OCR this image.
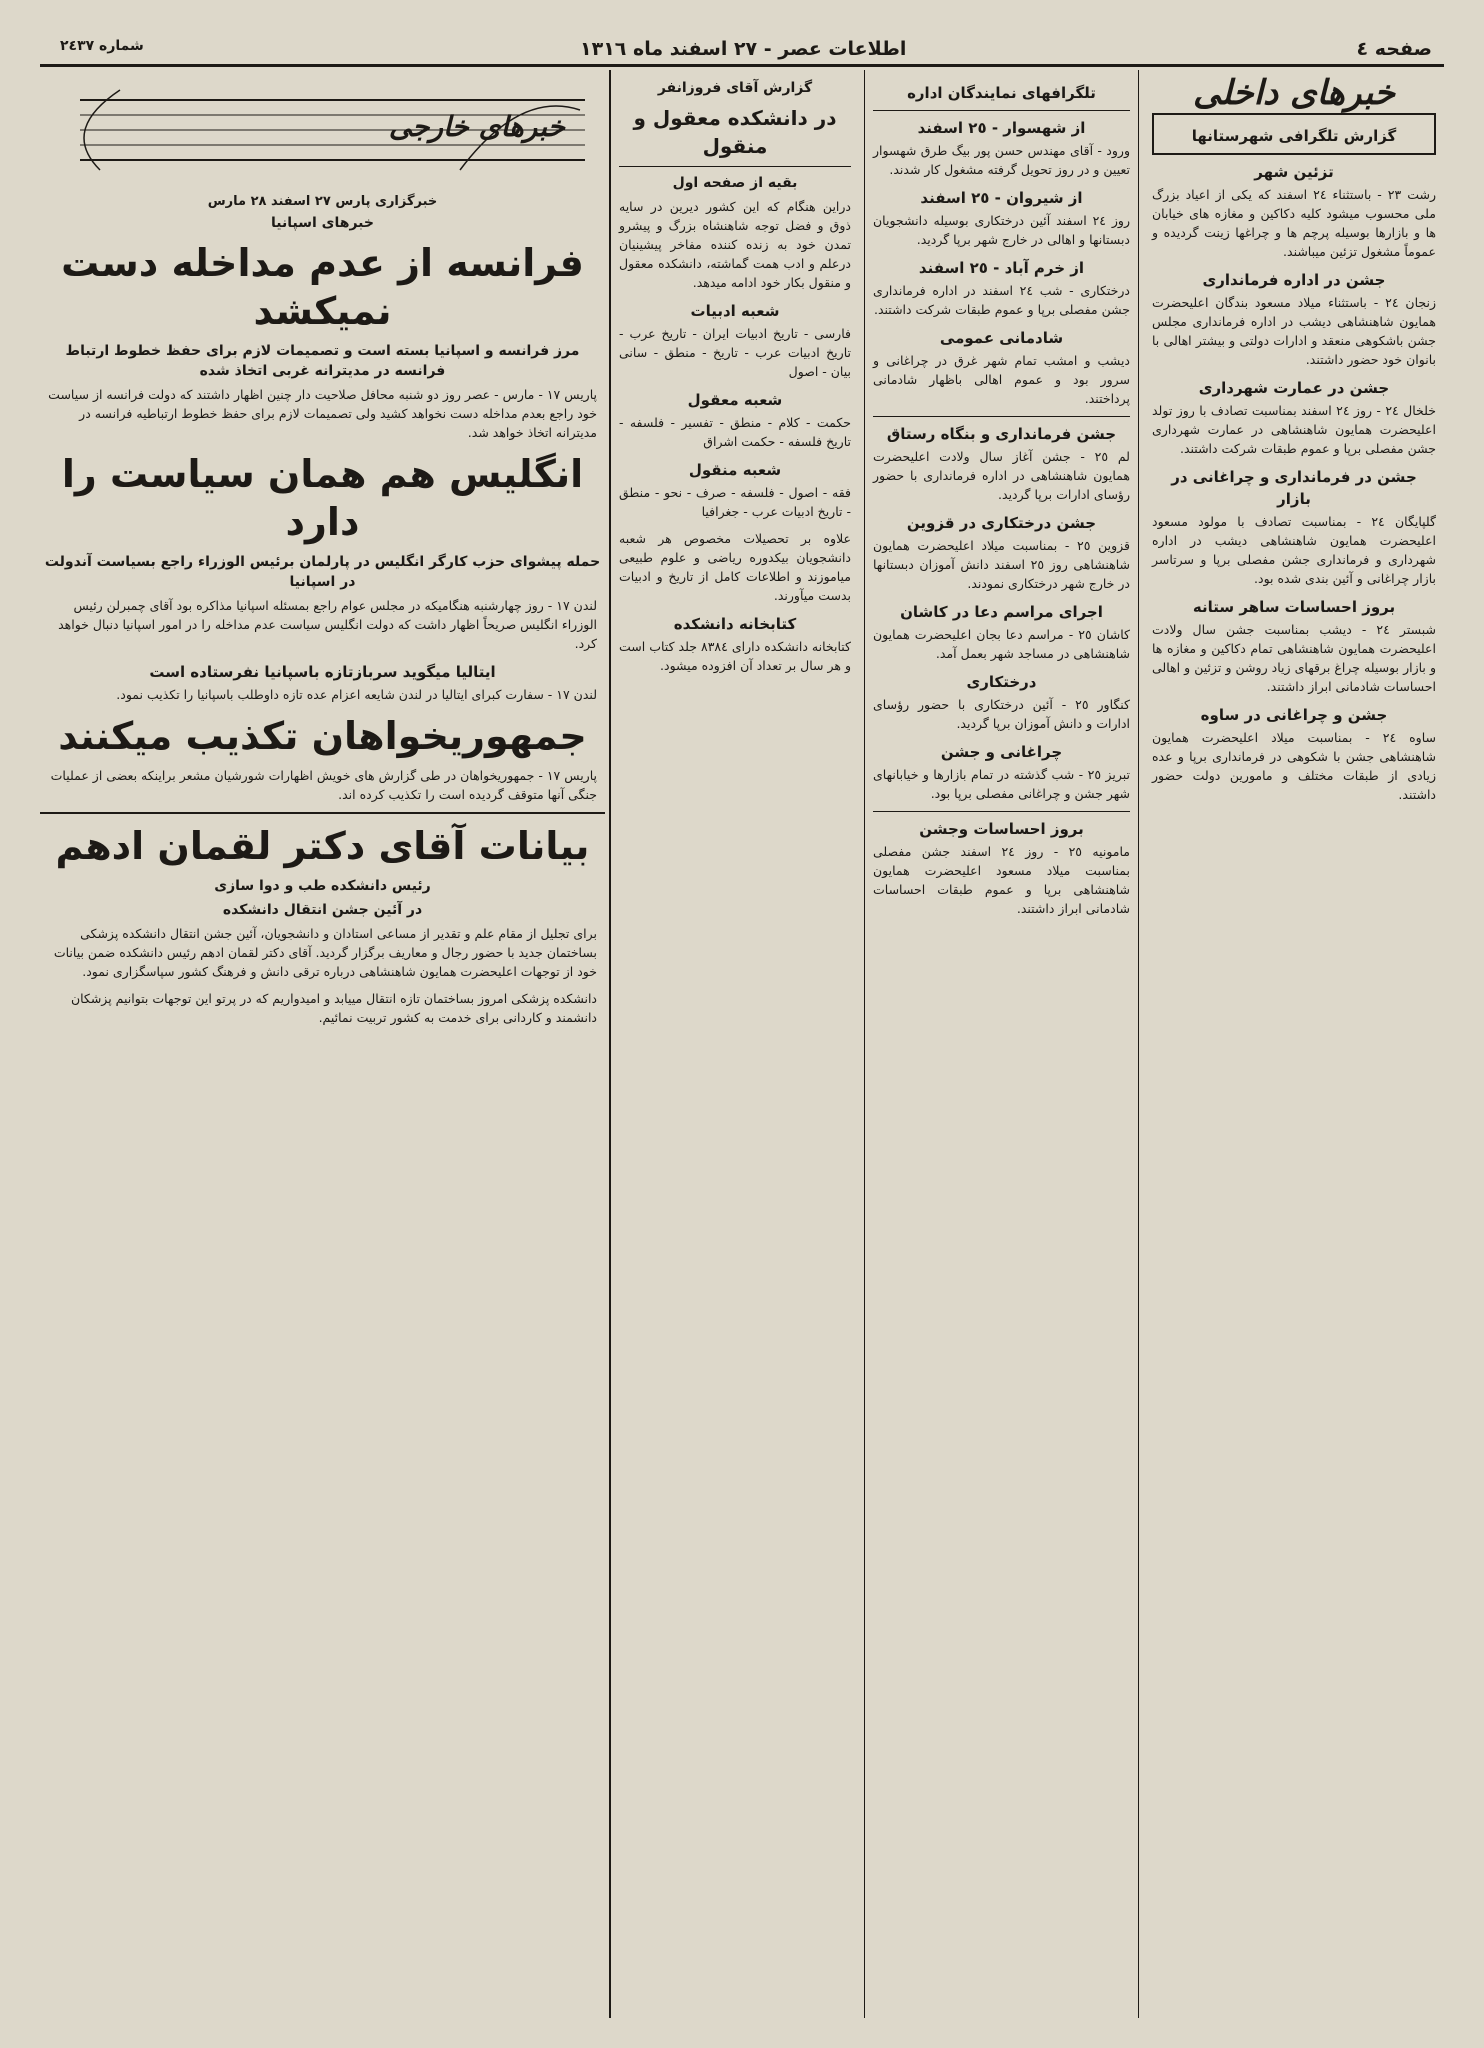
صفحه ٤
اطلاعات عصر - ٢٧ اسفند ماه ١٣١٦
شماره ٢٤٣٧
خبرهای داخلی
گزارش تلگرافی شهرستانها
تزئین شهر
رشت ٢٣ - باستثناء ٢٤ اسفند که یکی از اعیاد بزرگ ملی محسوب میشود کلیه دکاکین و مغازه های خیابان ها و بازارها بوسیله پرچم ها و چراغها زینت گردیده و عموماً مشغول تزئین میباشند.
جشن در اداره فرمانداری
زنجان ٢٤ - باستثناء میلاد مسعود بندگان اعلیحضرت همایون شاهنشاهی دیشب در اداره فرمانداری مجلس جشن باشکوهی منعقد و ادارات دولتی و بیشتر اهالی با بانوان خود حضور داشتند.
جشن در عمارت شهرداری
خلخال ٢٤ - روز ٢٤ اسفند بمناسبت تصادف با روز تولد اعلیحضرت همایون شاهنشاهی در عمارت شهرداری جشن مفصلی برپا و عموم طبقات شرکت داشتند.
جشن در فرمانداری و چراغانی در بازار
گلپایگان ٢٤ - بمناسبت تصادف با مولود مسعود اعلیحضرت همایون شاهنشاهی دیشب در اداره شهرداری و فرمانداری جشن مفصلی برپا و سرتاسر بازار چراغانی و آئین بندی شده بود.
بروز احساسات ساهر ستانه
شبستر ٢٤ - دیشب بمناسبت جشن سال ولادت اعلیحضرت همایون شاهنشاهی تمام دکاکین و مغازه ها و بازار بوسیله چراغ برقهای زیاد روشن و تزئین و اهالی احساسات شادمانی ابراز داشتند.
جشن و چراغانی در ساوه
ساوه ٢٤ - بمناسبت میلاد اعلیحضرت همایون شاهنشاهی جشن با شکوهی در فرمانداری برپا و عده زیادی از طبقات مختلف و مامورین دولت حضور داشتند.
تلگرافهای نمایندگان اداره
از شهسوار - ٢٥ اسفند
ورود - آقای مهندس حسن پور بیگ طرق شهسوار تعیین و در روز تحویل گرفته مشغول کار شدند.
از شیروان - ٢٥ اسفند
روز ٢٤ اسفند آئین درختکاری بوسیله دانشجویان دبستانها و اهالی در خارج شهر برپا گردید.
از خرم آباد - ٢٥ اسفند
درختکاری - شب ٢٤ اسفند در اداره فرمانداری جشن مفصلی برپا و عموم طبقات شرکت داشتند.
شادمانی عمومی
دیشب و امشب تمام شهر غرق در چراغانی و سرور بود و عموم اهالی باظهار شادمانی پرداختند.
جشن فرمانداری و بنگاه رستاق
لم ٢٥ - جشن آغاز سال ولادت اعلیحضرت همایون شاهنشاهی در اداره فرمانداری با حضور رؤسای ادارات برپا گردید.
جشن درختکاری در قزوین
قزوین ٢٥ - بمناسبت میلاد اعلیحضرت همایون شاهنشاهی روز ٢٥ اسفند دانش آموزان دبستانها در خارج شهر درختکاری نمودند.
اجرای مراسم دعا در کاشان
کاشان ٢٥ - مراسم دعا بجان اعلیحضرت همایون شاهنشاهی در مساجد شهر بعمل آمد.
درختکاری
کنگاور ٢٥ - آئین درختکاری با حضور رؤسای ادارات و دانش آموزان برپا گردید.
چراغانی و جشن
تبریز ٢٥ - شب گذشته در تمام بازارها و خیابانهای شهر جشن و چراغانی مفصلی برپا بود.
بروز احساسات وجشن
مامونیه ٢٥ - روز ٢٤ اسفند جشن مفصلی بمناسبت میلاد مسعود اعلیحضرت همایون شاهنشاهی برپا و عموم طبقات احساسات شادمانی ابراز داشتند.
گزارش آقای فروزانفر
در دانشکده معقول و منقول
بقیه از صفحه اول
دراین هنگام که این کشور دیرین در سایه ذوق و فضل توجه شاهنشاه بزرگ و پیشرو تمدن خود به زنده کننده مفاخر پیشینیان درعلم و ادب همت گماشته، دانشکده معقول و منقول بکار خود ادامه میدهد.
شعبه ادبیات
فارسی - تاریخ ادبیات ایران - تاریخ عرب - تاریخ ادبیات عرب - تاریخ - منطق - سانی بیان - اصول
شعبه معقول
حکمت - کلام - منطق - تفسیر - فلسفه - تاریخ فلسفه - حکمت اشراق
شعبه منقول
فقه - اصول - فلسفه - صرف - نحو - منطق - تاریخ ادبیات عرب - جغرافیا
علاوه بر تحصیلات مخصوص هر شعبه دانشجویان بیکدوره ریاضی و علوم طبیعی میاموزند و اطلاعات کامل از تاریخ و ادبیات بدست میآورند.
کتابخانه دانشکده
کتابخانه دانشکده دارای ٨٣٨٤ جلد کتاب است و هر سال بر تعداد آن افزوده میشود.
خبرهای خارجی
خبرگزاری پارس ٢٧ اسفند ٢٨ مارس
خبرهای اسپانیا
فرانسه از عدم مداخله دست نمیکشد
مرز فرانسه و اسپانیا بسته است و تصمیمات لازم برای حفظ خطوط ارتباط فرانسه در مدیترانه غربی اتخاذ شده
پاریس ١٧ - مارس - عصر روز دو شنبه محافل صلاحیت دار چنین اظهار داشتند که دولت فرانسه از سیاست خود راجع بعدم مداخله دست نخواهد کشید ولی تصمیمات لازم برای حفظ خطوط ارتباطیه فرانسه در مدیترانه اتخاذ خواهد شد.
انگلیس هم همان سیاست را دارد
حمله پیشوای حزب کارگر انگلیس در پارلمان برئیس الوزراء راجع بسیاست آندولت در اسپانیا
لندن ١٧ - روز چهارشنبه هنگامیکه در مجلس عوام راجع بمسئله اسپانیا مذاکره بود آقای چمبرلن رئیس الوزراء انگلیس صریحاً اظهار داشت که دولت انگلیس سیاست عدم مداخله را در امور اسپانیا دنبال خواهد کرد.
ایتالیا میگوید سربازتازه باسپانیا نفرستاده است
لندن ١٧ - سفارت کبرای ایتالیا در لندن شایعه اعزام عده تازه داوطلب باسپانیا را تکذیب نمود.
جمهوریخواهان تکذیب میکنند
پاریس ١٧ - جمهوریخواهان در طی گزارش های خویش اظهارات شورشیان مشعر براینکه بعضی از عملیات جنگی آنها متوقف گردیده است را تکذیب کرده اند.
بیانات آقای دکتر لقمان ادهم
رئیس دانشکده طب و دوا سازی
در آئین جشن انتقال دانشکده
برای تجلیل از مقام علم و تقدیر از مساعی استادان و دانشجویان، آئین جشن انتقال دانشکده پزشکی بساختمان جدید با حضور رجال و معاریف برگزار گردید. آقای دکتر لقمان ادهم رئیس دانشکده ضمن بیانات خود از توجهات اعلیحضرت همایون شاهنشاهی درباره ترقی دانش و فرهنگ کشور سپاسگزاری نمود.
دانشکده پزشکی امروز بساختمان تازه انتقال مییابد و امیدواریم که در پرتو این توجهات بتوانیم پزشکان دانشمند و کاردانی برای خدمت به کشور تربیت نمائیم.
